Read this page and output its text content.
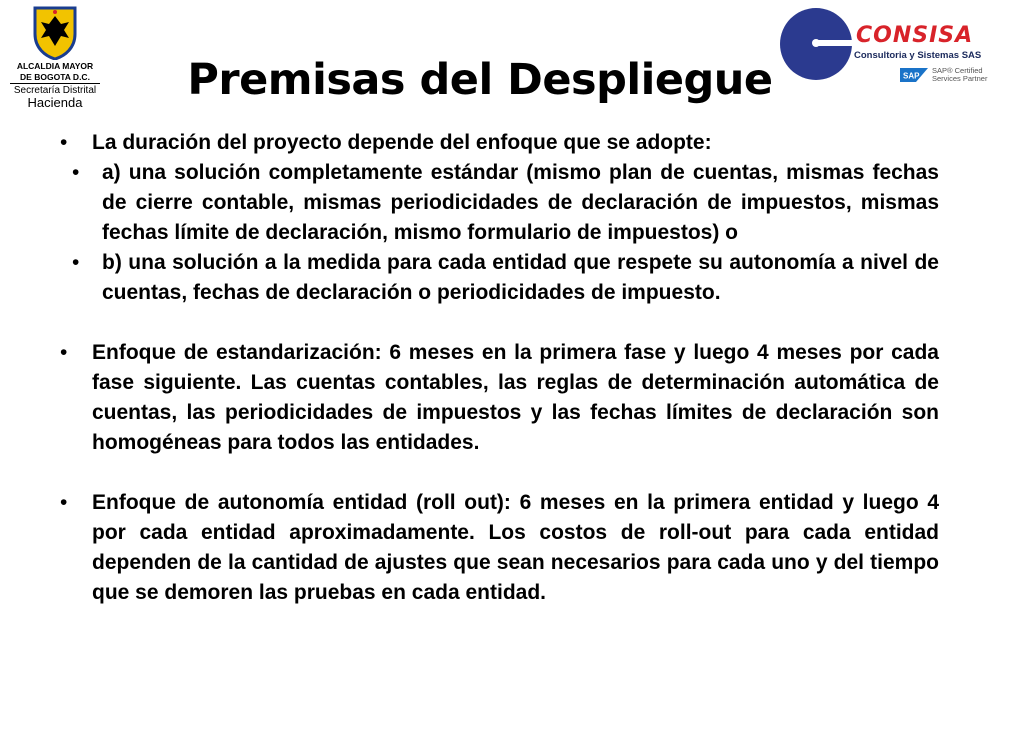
ALCALDIA MAYOR
DE BOGOTA D.C.
Secretaría Distrital
Hacienda	Premisas del Despliegue
CONSISA
Consultoria y Sistemas SAS
SAP
SAP® Certified
Services Partner
• La duración del proyecto depende del enfoque que se adopte:
• a) una solución completamente estándar (mismo plan de cuentas, mismas fechas de cierre contable, mismas periodicidades de declaración de impuestos, mismas fechas límite de declaración, mismo formulario de impuestos) o
• b) una solución a la medida para cada entidad que respete su autonomía a nivel de cuentas, fechas de declaración o periodicidades de impuesto.
• Enfoque de estandarización: 6 meses en la primera fase y luego 4 meses por cada fase siguiente. Las cuentas contables, las reglas de determinación automática de cuentas, las periodicidades de impuestos y las fechas límites de declaración son homogéneas para todos las entidades.
• Enfoque de autonomía entidad (roll out): 6 meses en la primera entidad y luego 4 por cada entidad aproximadamente. Los costos de roll-out para cada entidad dependen de la cantidad de ajustes que sean necesarios para cada uno y del tiempo que se demoren las pruebas en cada entidad.
